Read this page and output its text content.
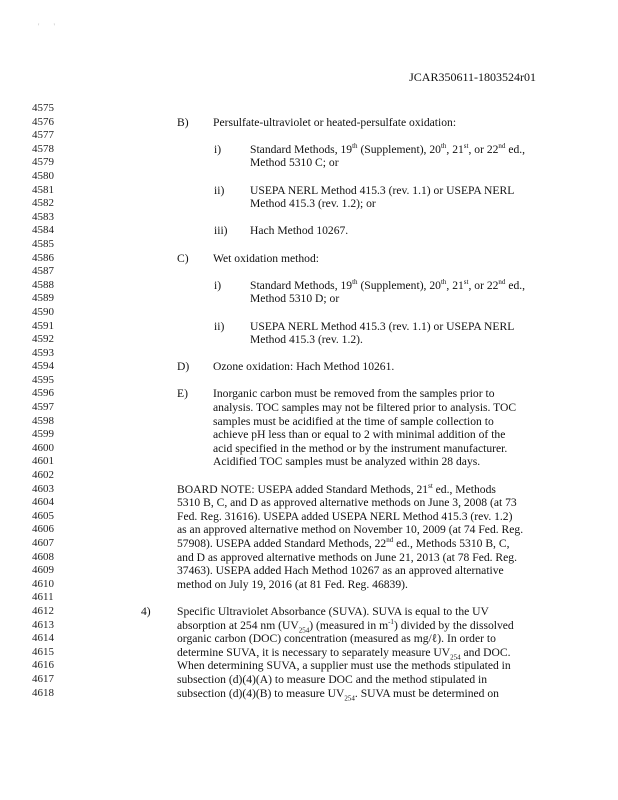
' '
JCAR350611-1803524r01
4575
4576	B) Persulfate-ultraviolet or heated-persulfate oxidation:
4577
4578	i) Standard Methods, 19th (Supplement), 20th, 21st, or 22nd ed.,
4579	Method 5310 C; or
4580
4581	ii) USEPA NERL Method 415.3 (rev. 1.1) or USEPA NERL
4582	Method 415.3 (rev. 1.2); or
4583
4584	iii) Hach Method 10267.
4585
4586	C) Wet oxidation method:
4587
4588	i) Standard Methods, 19th (Supplement), 20th, 21st, or 22nd ed.,
4589	Method 5310 D; or
4590
4591	ii) USEPA NERL Method 415.3 (rev. 1.1) or USEPA NERL
4592	Method 415.3 (rev. 1.2).
4593
4594	D) Ozone oxidation: Hach Method 10261.
4595
4596	E) Inorganic carbon must be removed from the samples prior to
4597	analysis. TOC samples may not be filtered prior to analysis. TOC
4598	samples must be acidified at the time of sample collection to
4599	achieve pH less than or equal to 2 with minimal addition of the
4600	acid specified in the method or by the instrument manufacturer.
4601	Acidified TOC samples must be analyzed within 28 days.
4602
4603	BOARD NOTE: USEPA added Standard Methods, 21st ed., Methods
4604	5310 B, C, and D as approved alternative methods on June 3, 2008 (at 73
4605	Fed. Reg. 31616). USEPA added USEPA NERL Method 415.3 (rev. 1.2)
4606	as an approved alternative method on November 10, 2009 (at 74 Fed. Reg.
4607	57908). USEPA added Standard Methods, 22nd ed., Methods 5310 B, C,
4608	and D as approved alternative methods on June 21, 2013 (at 78 Fed. Reg.
4609	37463). USEPA added Hach Method 10267 as an approved alternative
4610	method on July 19, 2016 (at 81 Fed. Reg. 46839).
4611
4612	4) Specific Ultraviolet Absorbance (SUVA). SUVA is equal to the UV
4613	absorption at 254 nm $(UV_{254})$ (measured in $m^{-1}$) divided by the dissolved
4614	organic carbon (DOC) concentration (measured as mg/ℓ). In order to
4615	determine SUVA, it is necessary to separately measure $UV_{254}$ and DOC.
4616	When determining SUVA, a supplier must use the methods stipulated in
4617	subsection (d)(4)(A) to measure DOC and the method stipulated in
4618	subsection (d)(4)(B) to measure $UV_{254}$. SUVA must be determined on
